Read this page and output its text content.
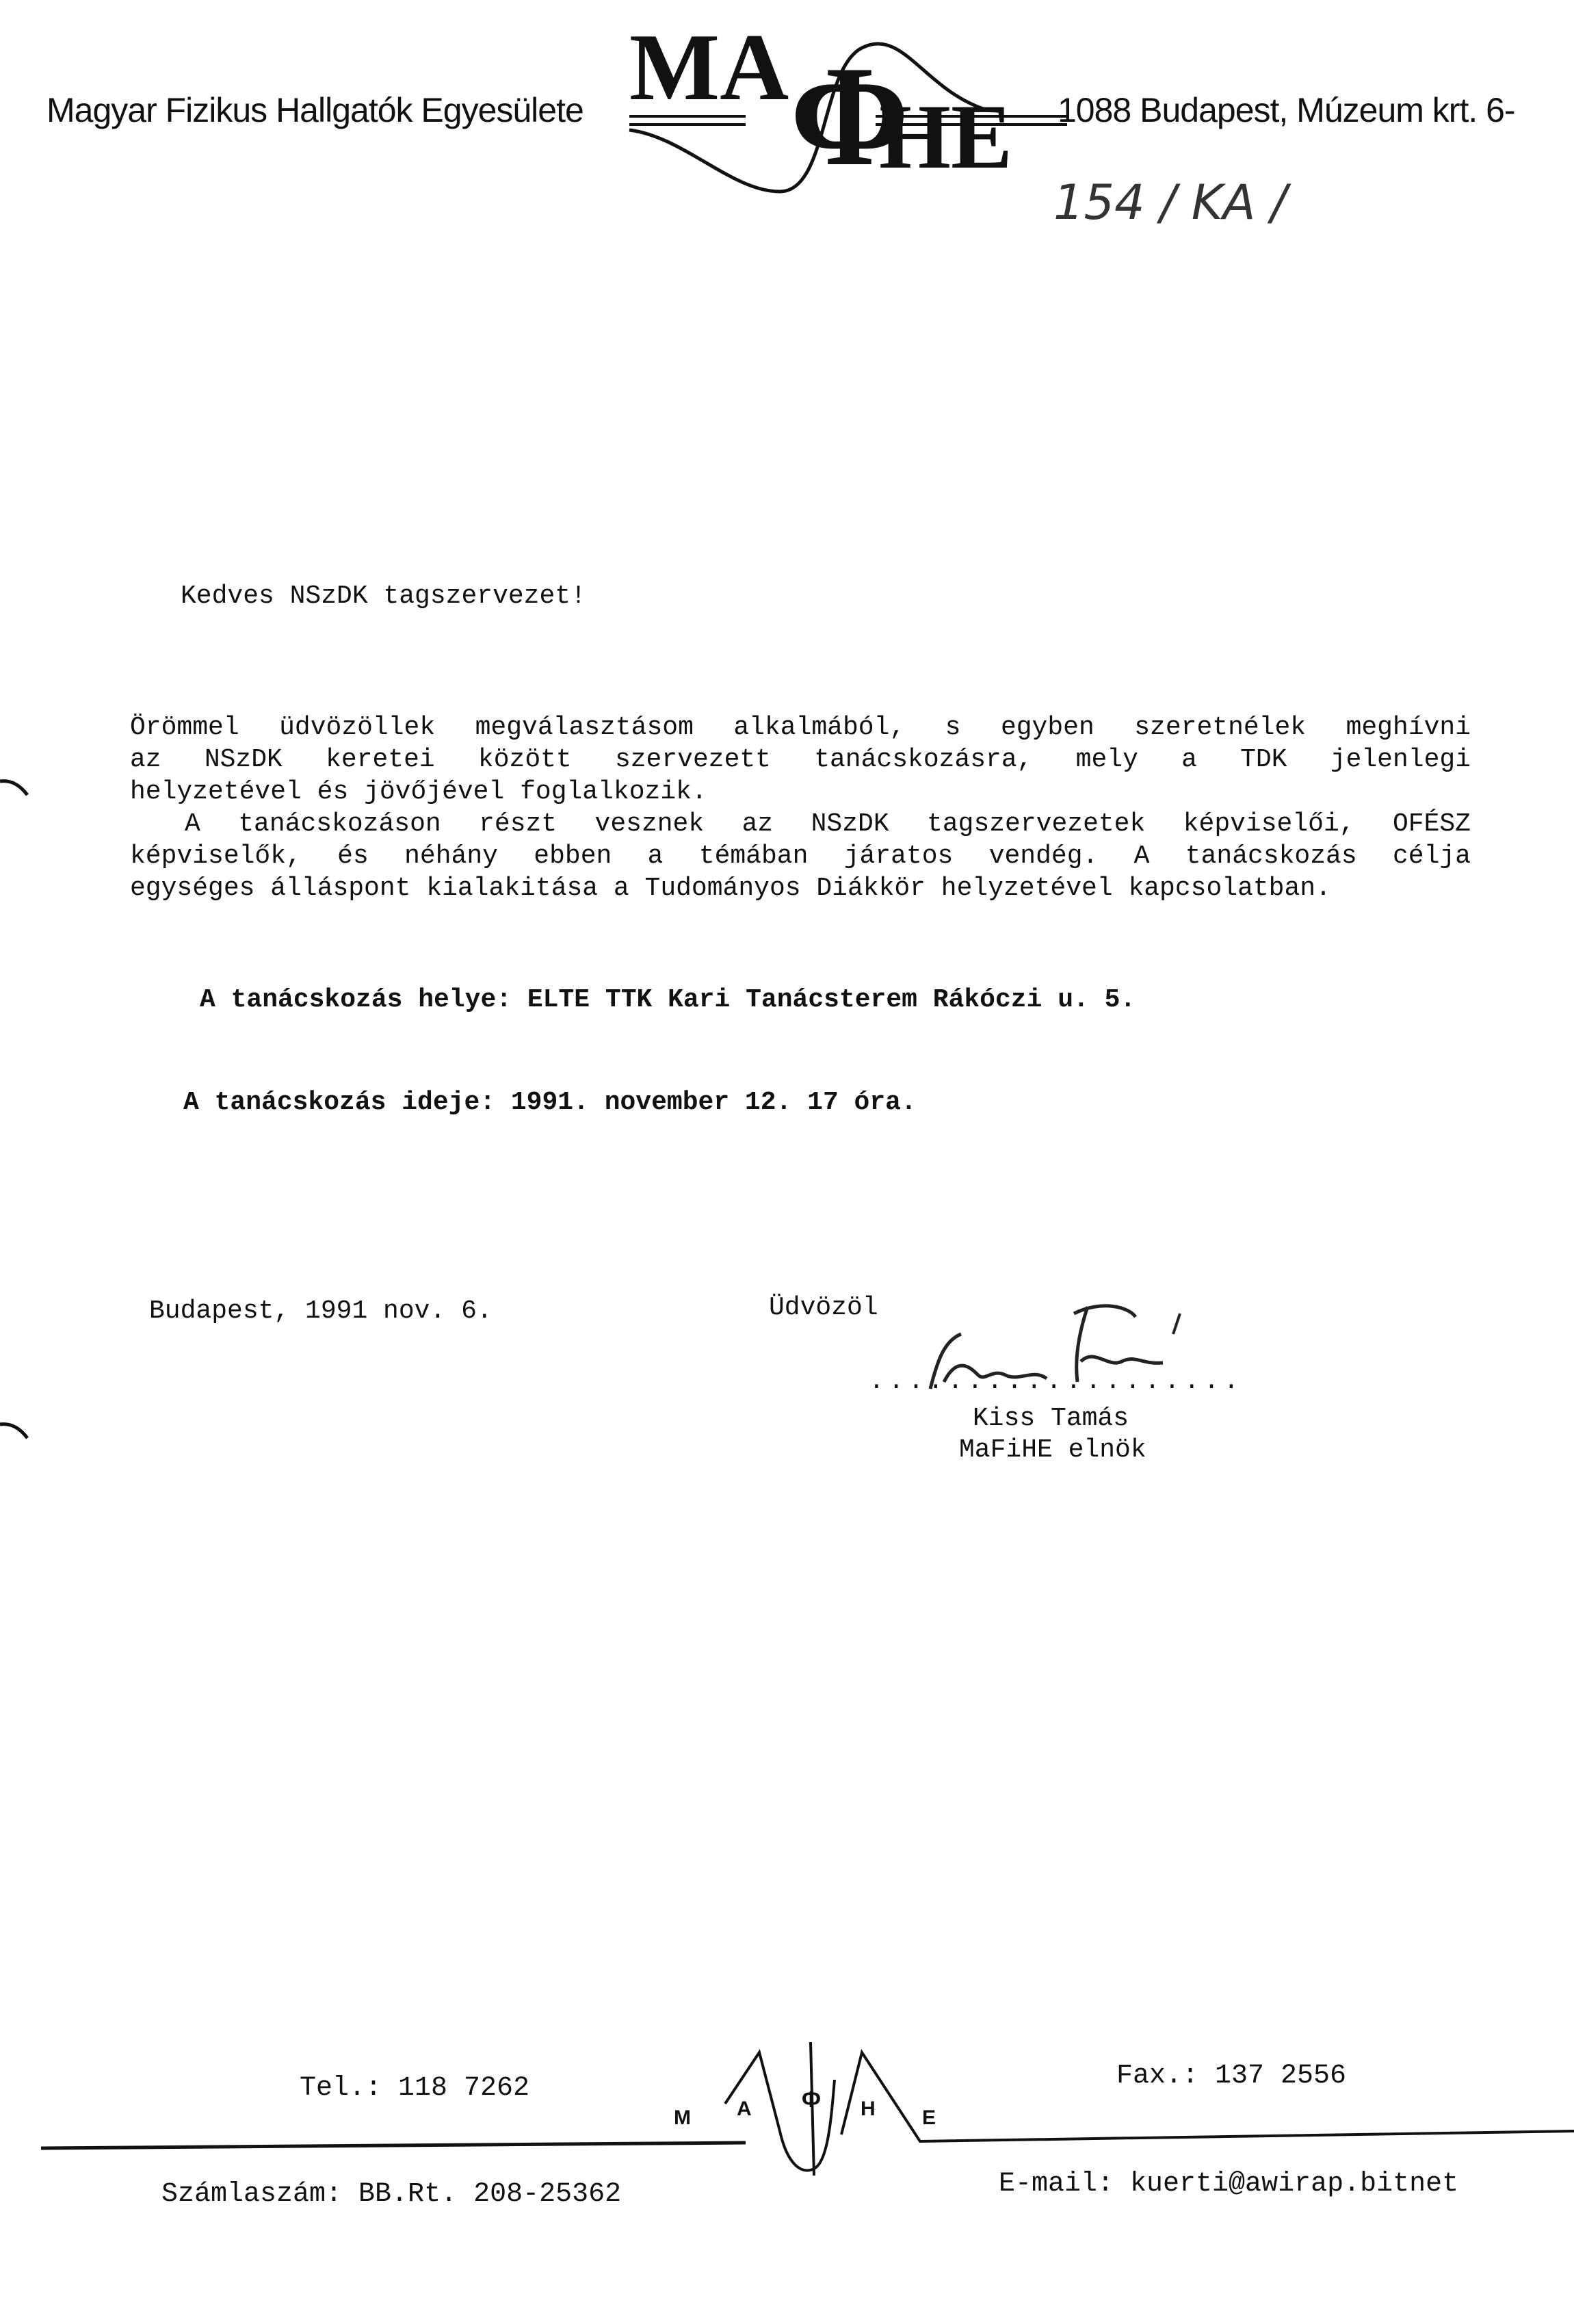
Magyar Fizikus Hallgatók Egyesülete MA Φ
HE 1088 Budapest, Múzeum krt. 6-
154 / KA /
Kedves NSzDK tagszervezet!
Örömmel üdvözöllek megválasztásom alkalmából, s egyben szeretnélek meghívni
az NSzDK keretei között szervezett tanácskozásra, mely a TDK jelenlegi
helyzetével és jövőjével foglalkozik.
A tanácskozáson részt vesznek az NSzDK tagszervezetek képviselői, OFÉSZ
képviselők, és néhány ebben a témában járatos vendég. A tanácskozás célja
egységes álláspont kialakitása a Tudományos Diákkör helyzetével kapcsolatban.
A tanácskozás helye: ELTE TTK Kari Tanácsterem Rákóczi u. 5.
A tanácskozás ideje: 1991. november 12. 17 óra.
Budapest, 1991 nov. 6.	Üdvözöl
...................
Kiss Tamás
MaFiHE elnök
Tel.: 118 7262	Fax.: 137 2556
M A Φ H E
Számlaszám: BB.Rt. 208-25362	E-mail: kuerti@awirap.bitnet
